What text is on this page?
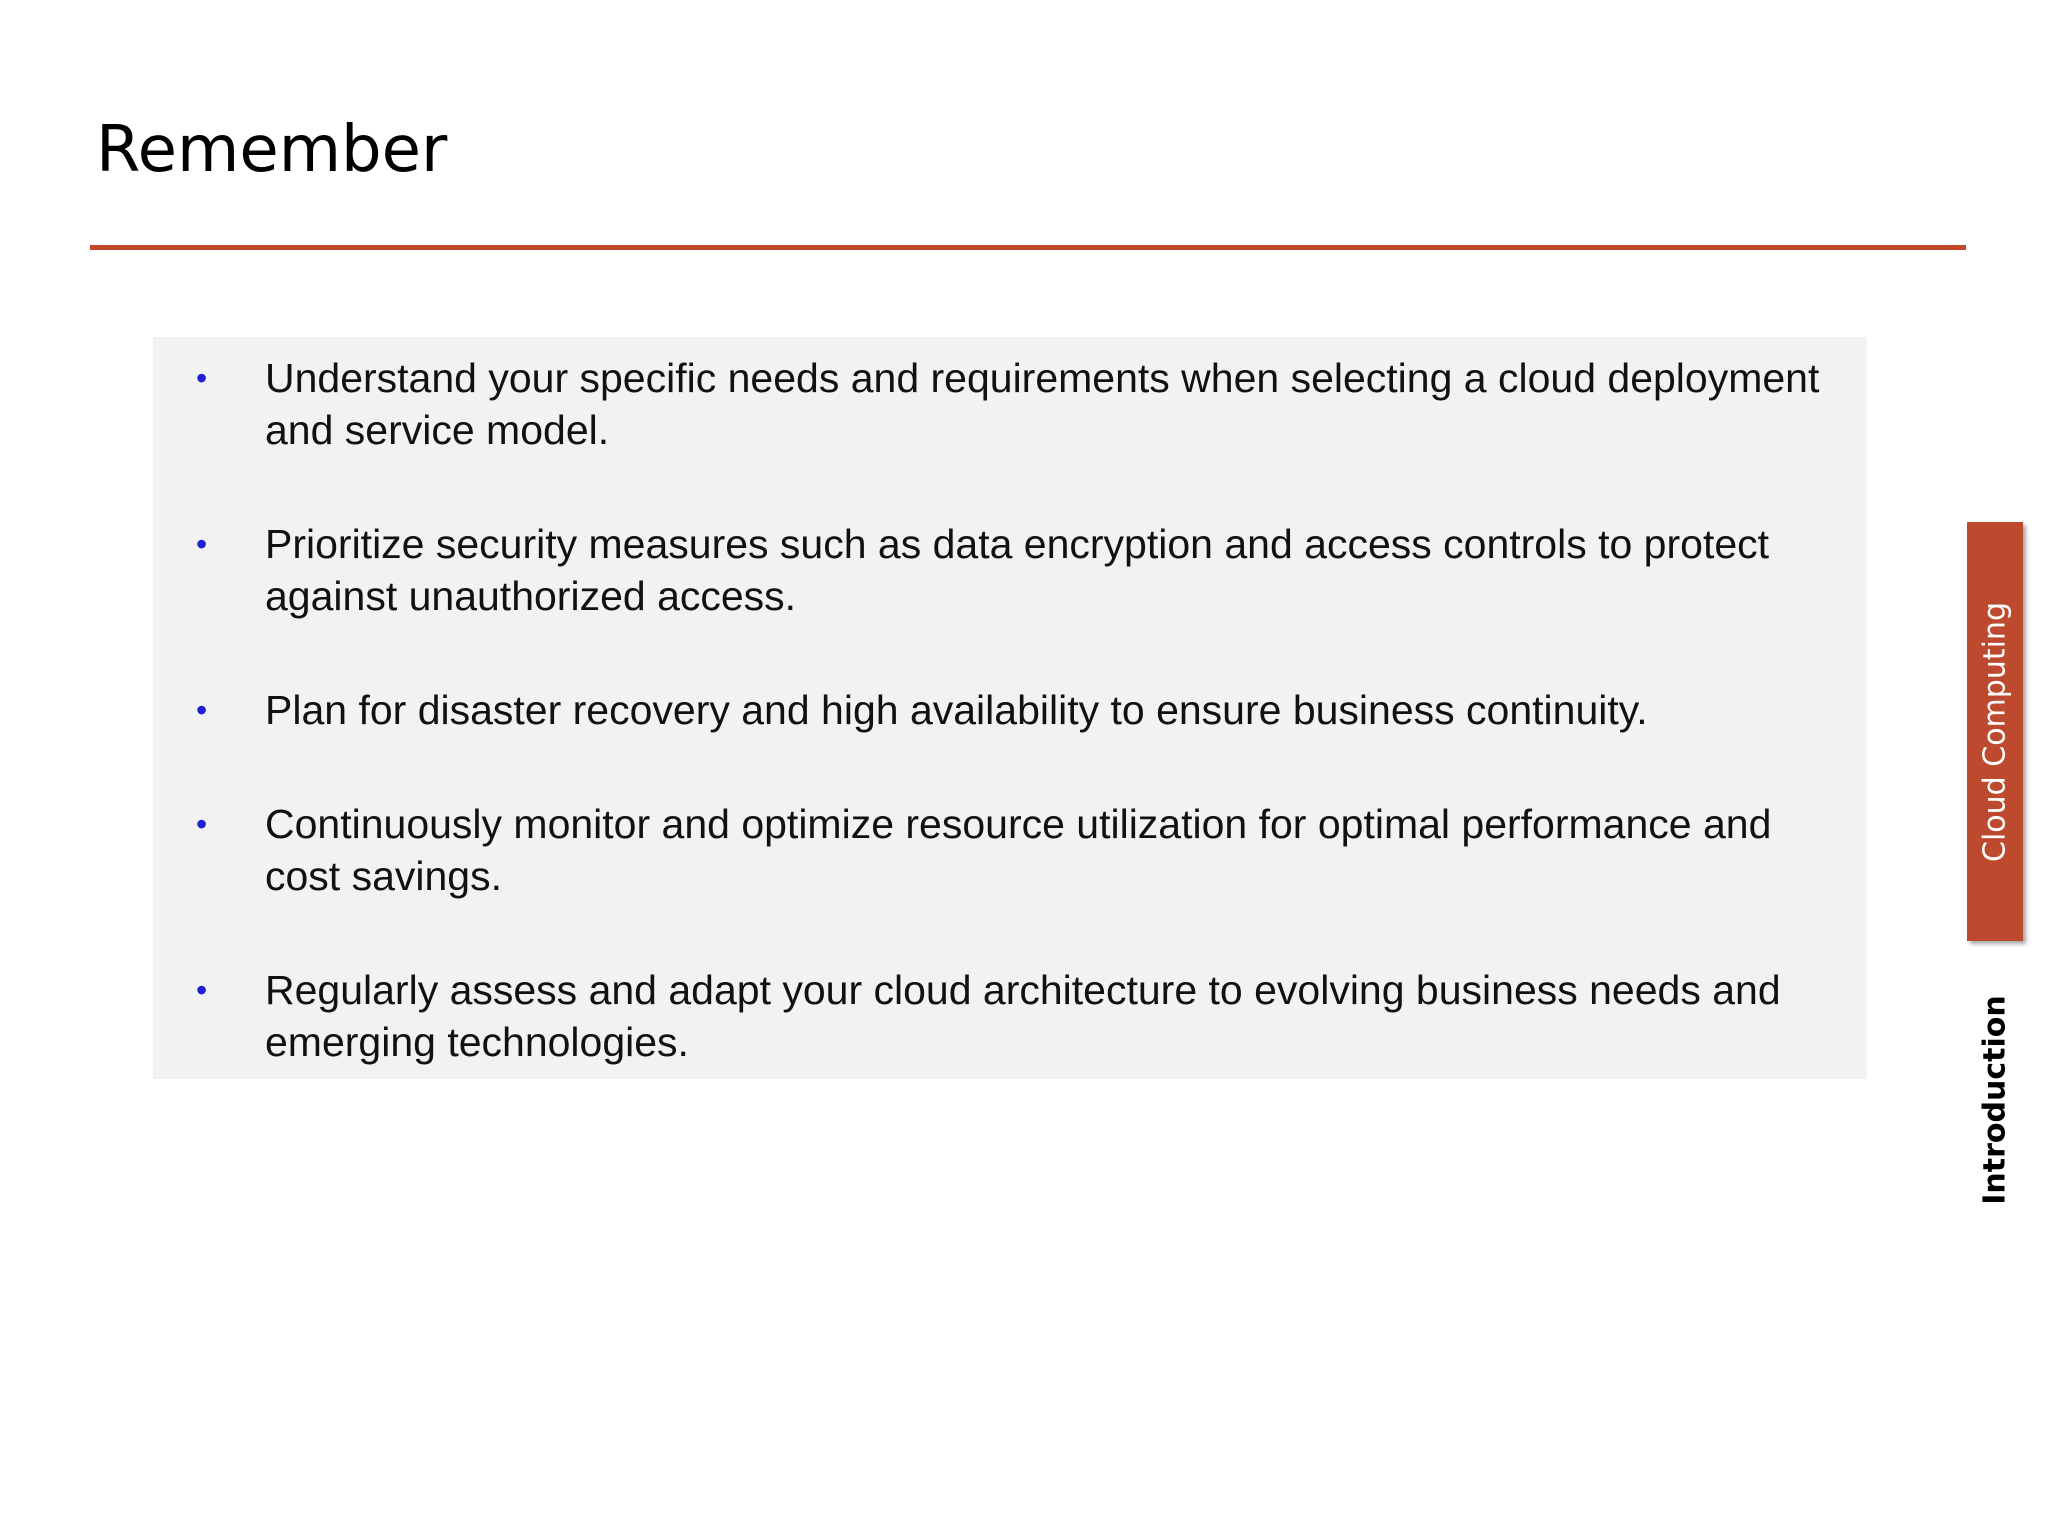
Remember
• Understand your specific needs and requirements when selecting a cloud deployment and service model.
• Prioritize security measures such as data encryption and access controls to protect against unauthorized access.
• Plan for disaster recovery and high availability to ensure business continuity.
• Continuously monitor and optimize resource utilization for optimal performance and cost savings.
• Regularly assess and adapt your cloud architecture to evolving business needs and emerging technologies.
Cloud Computing
Introduction
